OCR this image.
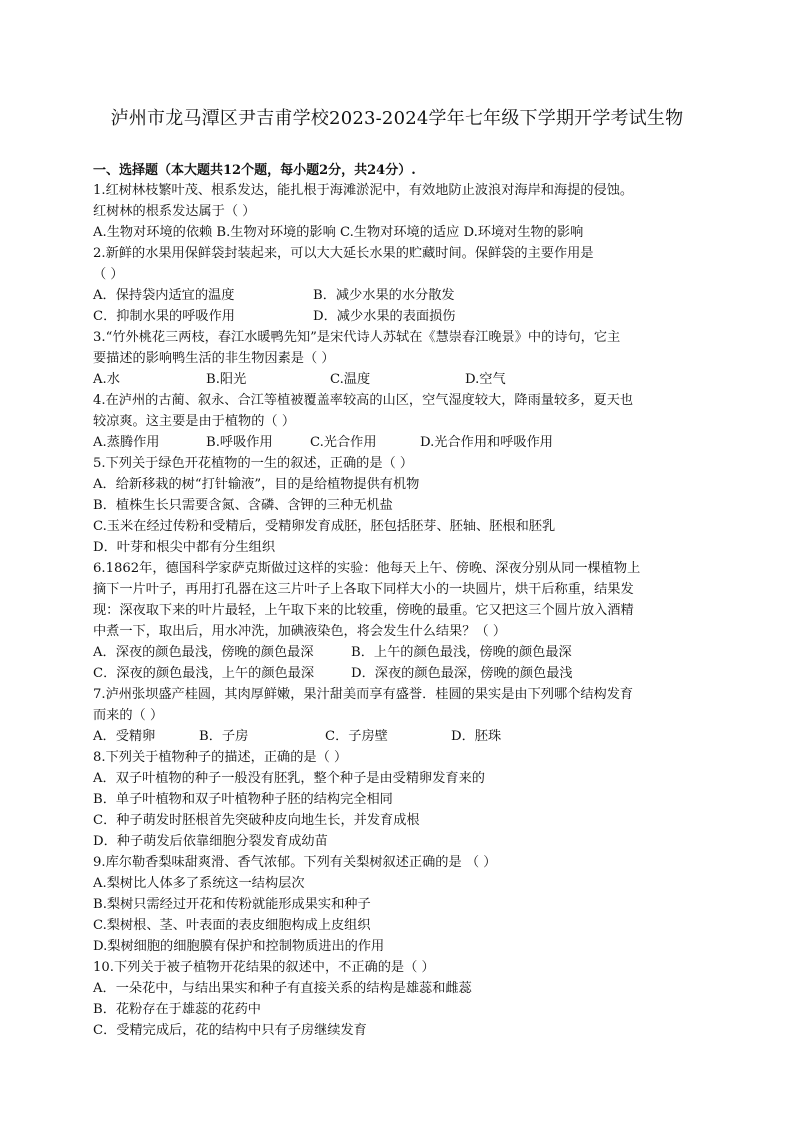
泸州市龙马潭区尹吉甫学校2023-2024学年七年级下学期开学考试生物
一、选择题（本大题共12个题，每小题2分，共24分）.
1.红树林枝繁叶茂、根系发达，能扎根于海滩淤泥中，有效地防止波浪对海岸和海提的侵蚀。
红树林的根系发达属于（ ）
A.生物对环境的依赖 B.生物对环境的影响 C.生物对环境的适应 D.环境对生物的影响
2.新鲜的水果用保鲜袋封装起来，可以大大延长水果的贮藏时间。保鲜袋的主要作用是
（ ）
A．保持袋内适宜的温度	B．减少水果的水分散发
C．抑制水果的呼吸作用	D．减少水果的表面损伤
3.“竹外桃花三两枝，春江水暖鸭先知”是宋代诗人苏轼在《慧崇春江晚景》中的诗句，它主
要描述的影响鸭生活的非生物因素是（ ）
A.水	B.阳光	C.温度	D.空气
4.在泸州的古蔺、叙永、合江等植被覆盖率较高的山区，空气湿度较大，降雨量较多，夏天也
较凉爽。这主要是由于植物的（ ）
A.蒸腾作用	B.呼吸作用	C.光合作用	D.光合作用和呼吸作用
5.下列关于绿色开花植物的一生的叙述，正确的是（ ）
A．给新移栽的树“打针输液”，目的是给植物提供有机物
B．植株生长只需要含氮、含磷、含钾的三种无机盐
C.玉米在经过传粉和受精后，受精卵发育成胚，胚包括胚芽、胚轴、胚根和胚乳
D．叶芽和根尖中都有分生组织
6.1862年，德国科学家萨克斯做过这样的实验：他每天上午、傍晚、深夜分别从同一棵植物上
摘下一片叶子，再用打孔器在这三片叶子上各取下同样大小的一块圆片，烘干后称重，结果发
现：深夜取下来的叶片最轻，上午取下来的比较重，傍晚的最重。它又把这三个圆片放入酒精
中煮一下，取出后，用水冲洗，加碘液染色，将会发生什么结果？（ ）
A．深夜的颜色最浅，傍晚的颜色最深	B．上午的颜色最浅，傍晚的颜色最深
C．深夜的颜色最浅，上午的颜色最深	D．深夜的颜色最深，傍晚的颜色最浅
7.泸州张坝盛产桂圆，其肉厚鲜嫩，果汁甜美而享有盛誉．桂圆的果实是由下列哪个结构发育
而来的（ ）
A．受精卵	B．子房	C．子房壁	D．胚珠
8.下列关于植物种子的描述，正确的是（ ）
A．双子叶植物的种子一般没有胚乳，整个种子是由受精卵发育来的
B．单子叶植物和双子叶植物种子胚的结构完全相同
C．种子萌发时胚根首先突破种皮向地生长，并发育成根
D．种子萌发后依靠细胞分裂发育成幼苗
9.库尔勒香梨味甜爽滑、香气浓郁。下列有关梨树叙述正确的是 （ ）
A.梨树比人体多了系统这一结构层次
B.梨树只需经过开花和传粉就能形成果实和种子
C.梨树根、茎、叶表面的表皮细胞构成上皮组织
D.梨树细胞的细胞膜有保护和控制物质进出的作用
10.下列关于被子植物开花结果的叙述中，不正确的是（ ）
A．一朵花中，与结出果实和种子有直接关系的结构是雄蕊和雌蕊
B．花粉存在于雄蕊的花药中
C．受精完成后，花的结构中只有子房继续发育
